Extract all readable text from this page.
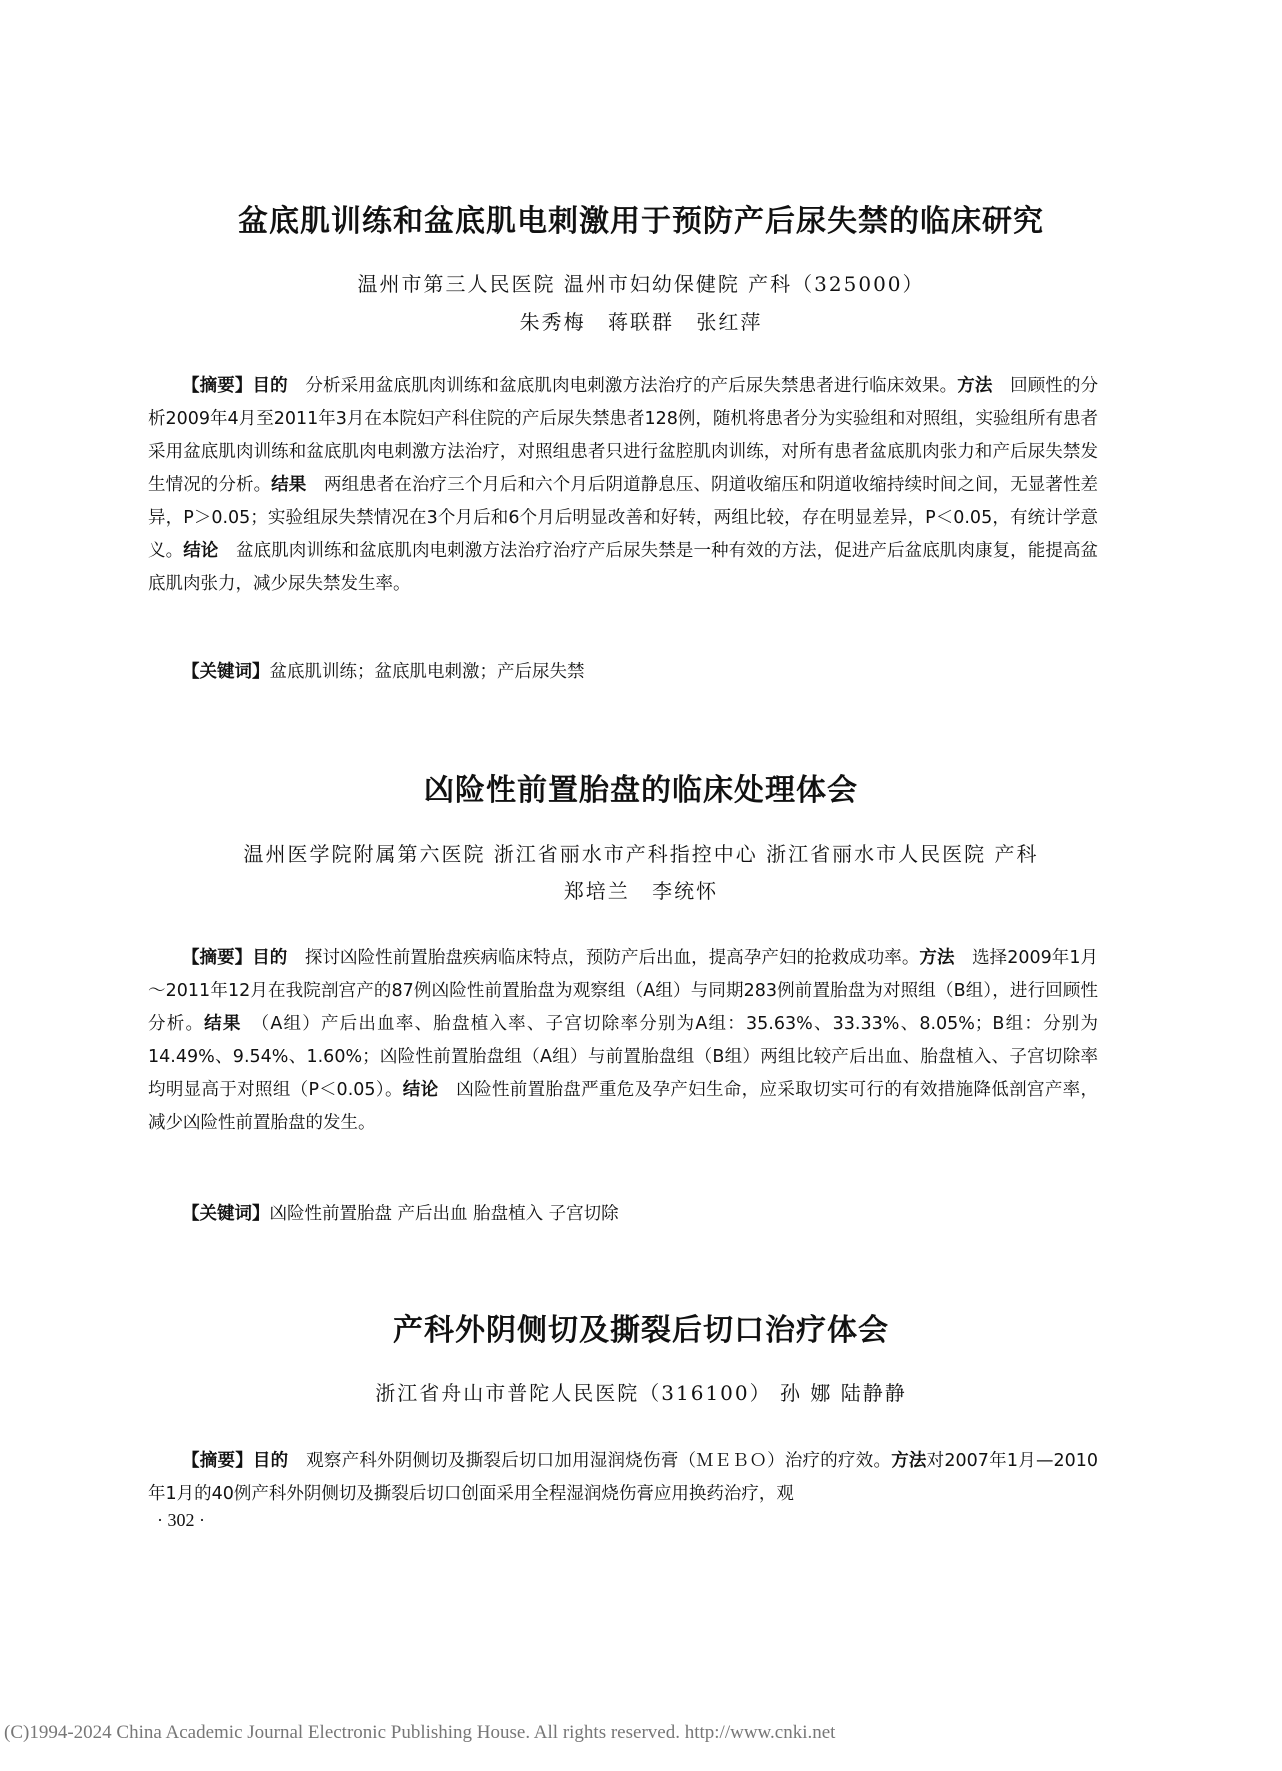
盆底肌训练和盆底肌电刺激用于预防产后尿失禁的临床研究
温州市第三人民医院 温州市妇幼保健院 产科（325000）
朱秀梅 蒋联群 张红萍

【摘要】目的　 分析采用盆底肌肉训练和盆底肌肉电刺激方法治疗的产后尿失禁患者进行临床效果。方法　 回顾性的分析2009年4月至2011年3月在本院妇产科住院的产后尿失禁患者128例，随机将患者分为实验组和对照组，实验组所有患者采用盆底肌肉训练和盆底肌肉电刺激方法治疗，对照组患者只进行盆腔肌肉训练，对所有患者盆底肌肉张力和产后尿失禁发生情况的分析。结果　 两组患者在治疗三个月后和六个月后阴道静息压、阴道收缩压和阴道收缩持续时间之间，无显著性差异，P＞0.05；实验组尿失禁情况在3个月后和6个月后明显改善和好转，两组比较，存在明显差异，P＜0.05，有统计学意义。结论　 盆底肌肉训练和盆底肌肉电刺激方法治疗治疗产后尿失禁是一种有效的方法，促进产后盆底肌肉康复，能提高盆底肌肉张力，减少尿失禁发生率。

【关键词】盆底肌训练；盆底肌电刺激；产后尿失禁
凶险性前置胎盘的临床处理体会
温州医学院附属第六医院 浙江省丽水市产科指控中心 浙江省丽水市人民医院 产科
郑培兰 李统怀

【摘要】目的　 探讨凶险性前置胎盘疾病临床特点，预防产后出血，提高孕产妇的抢救成功率。方法　 选择2009年1月～2011年12月在我院剖宫产的87例凶险性前置胎盘为观察组（A组）与同期283例前置胎盘为对照组（B组），进行回顾性分析。结果　 （A组）产后出血率、胎盘植入率、子宫切除率分别为A组：35.63%、33.33%、8.05%；B组：分别为14.49%、9.54%、1.60%；凶险性前置胎盘组（A组）与前置胎盘组（B组）两组比较产后出血、胎盘植入、子宫切除率均明显高于对照组（P＜0.05）。结论　 凶险性前置胎盘严重危及孕产妇生命，应采取切实可行的有效措施降低剖宫产率，减少凶险性前置胎盘的发生。

【关键词】凶险性前置胎盘 产后出血 胎盘植入 子宫切除
产科外阴侧切及撕裂后切口治疗体会
浙江省舟山市普陀人民医院（316100） 孙 娜 陆静静

【摘要】目的　 观察产科外阴侧切及撕裂后切口加用湿润烧伤膏（ＭＥＢＯ）治疗的疗效。方法对2007年1月—2010年1月的40例产科外阴侧切及撕裂后切口创面采用全程湿润烧伤膏应用换药治疗，观

· 302 ·
(C)1994-2024 China Academic Journal Electronic Publishing House. All rights reserved. http://www.cnki.net
